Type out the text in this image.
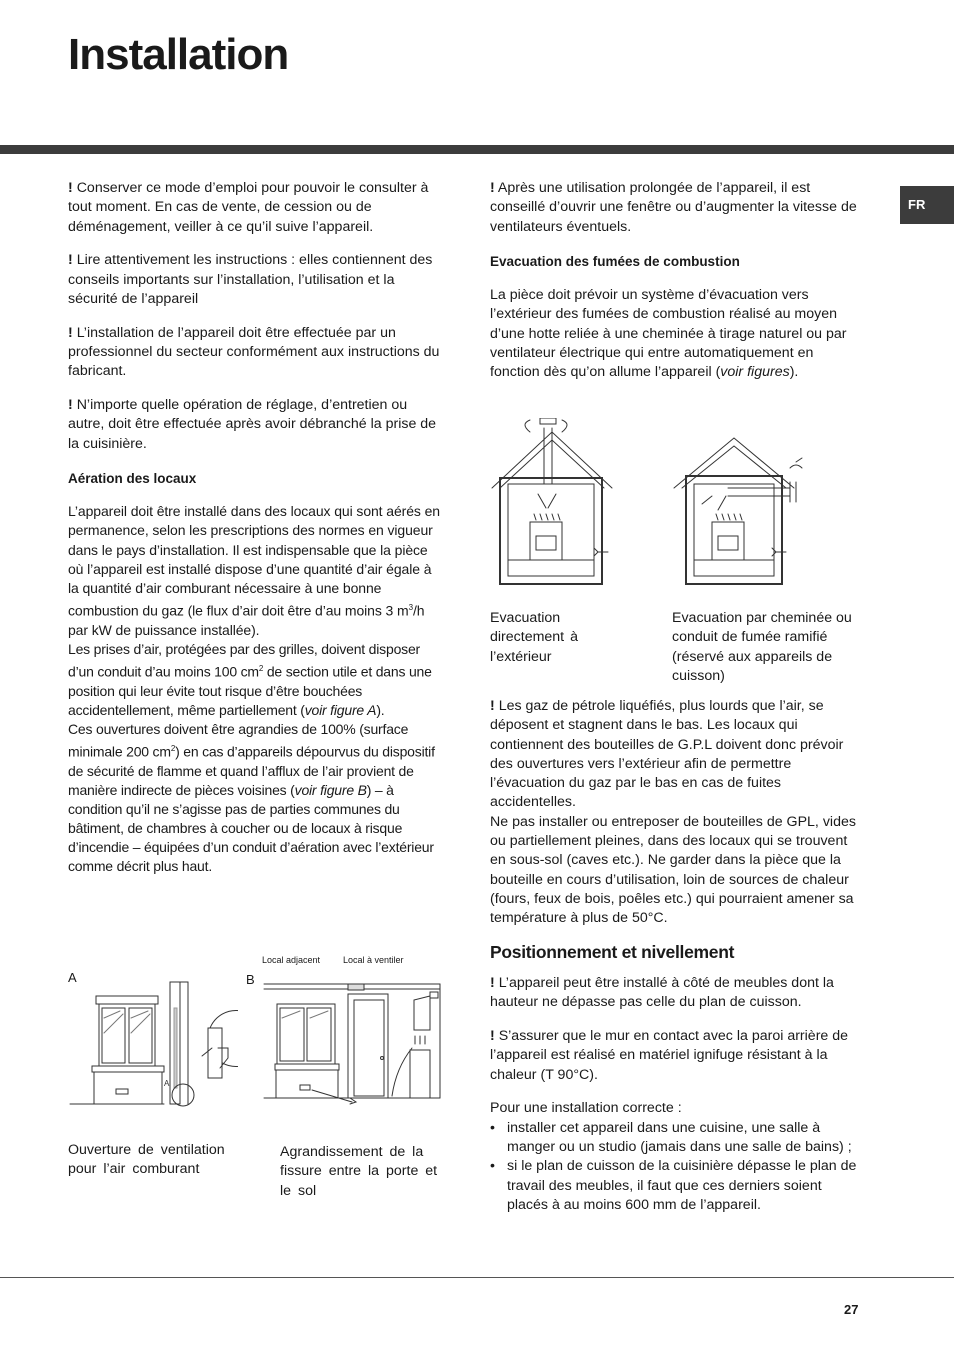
Installation
FR

! Conserver ce mode d’emploi pour pouvoir le consulter à tout moment. En cas de vente, de cession ou de déménagement, veiller à ce qu’il suive l’appareil.

! Lire attentivement les instructions : elles contiennent des conseils importants sur l’installation, l’utilisation et la sécurité de l’appareil

! L’installation de l’appareil doit être effectuée par un professionnel du secteur conformément aux instructions du fabricant.

! N’importe quelle opération de réglage, d’entretien ou autre, doit être effectuée après avoir débranché la prise de la cuisinière.

Aération des locaux

L’appareil doit être installé dans des locaux qui sont aérés en permanence, selon les prescriptions des normes en vigueur dans le pays d’installation. Il est indispensable que la pièce où l’appareil est installé dispose d’une quantité d’air égale à la quantité d’air comburant nécessaire à une bonne combustion du gaz (le flux d’air doit être d’au moins 3 $m^3/h$ par kW de puissance installée).

Les prises d’air, protégées par des grilles, doivent disposer d’un conduit d’au moins 100 $cm^2$ de section utile et dans une position qui leur évite tout risque d’être bouchées accidentellement, même partiellement (voir figure A).

Ces ouvertures doivent être agrandies de 100% (surface minimale 200 $cm^2$) en cas d’appareils dépourvus du dispositif de sécurité de flamme et quand l’afflux de l’air provient de manière indirecte de pièces voisines (voir figure B) – à condition qu’il ne s’agisse pas de parties communes du bâtiment, de chambres à coucher ou de locaux à risque d’incendie – équipées d’un conduit d’aération avec l’extérieur comme décrit plus haut.

Local adjacent	Local à ventiler

A	B

A

Ouverture de ventilation pour l’air comburant

Agrandissement de la fissure entre la porte et le sol

! Après une utilisation prolongée de l’appareil, il est conseillé d’ouvrir une fenêtre ou d’augmenter la vitesse de ventilateurs éventuels.

Evacuation des fumées de combustion

La pièce doit prévoir un système d’évacuation vers l’extérieur des fumées de combustion réalisé au moyen d’une hotte reliée à une cheminée à tirage naturel ou par ventilateur électrique qui entre automatiquement en fonction dès qu’on allume l’appareil (voir figures).

Evacuation directement à l’extérieur

Evacuation par cheminée ou conduit de fumée ramifié (réservé aux appareils de cuisson)

! Les gaz de pétrole liquéfiés, plus lourds que l’air, se déposent et stagnent dans le bas. Les locaux qui contiennent des bouteilles de G.P.L doivent donc prévoir des ouvertures vers l’extérieur afin de permettre l’évacuation du gaz par le bas en cas de fuites accidentelles.

Ne pas installer ou entreposer de bouteilles de GPL, vides ou partiellement pleines, dans des locaux qui se trouvent en sous-sol (caves etc.). Ne garder dans la pièce que la bouteille en cours d’utilisation, loin de sources de chaleur (fours, feux de bois, poêles etc.) qui pourraient amener sa température à plus de 50°C.

Positionnement et nivellement

! L’appareil peut être installé à côté de meubles dont la hauteur ne dépasse pas celle du plan de cuisson.

! S’assurer que le mur en contact avec la paroi arrière de l’appareil est réalisé en matériel ignifuge résistant à la chaleur (T 90°C).

Pour une installation correcte :

• installer cet appareil dans une cuisine, une salle à manger ou un studio (jamais dans une salle de bains) ;
• si le plan de cuisson de la cuisinière dépasse le plan de travail des meubles, il faut que ces derniers soient placés à au moins 600 mm de l’appareil.

27
